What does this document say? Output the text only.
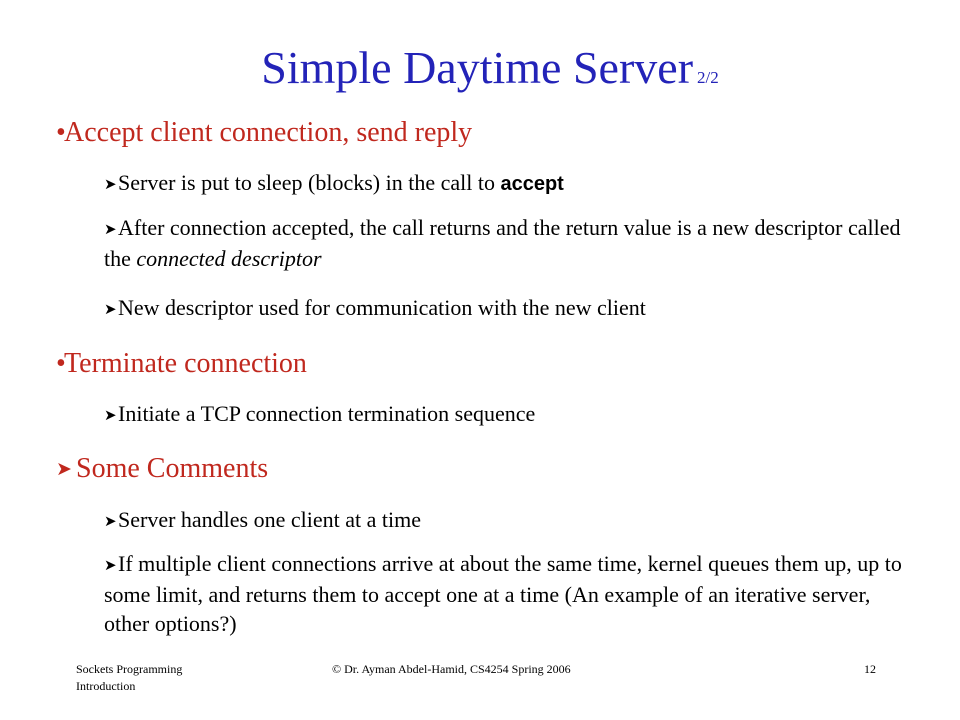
Simple Daytime Server 2/2
•Accept client connection, send reply
➤Server is put to sleep (blocks) in the call to accept
➤After connection accepted, the call returns and the return value is a new descriptor called the connected descriptor
➤New descriptor used for communication with the new client
•Terminate connection
➤Initiate a TCP connection termination sequence
➤ Some Comments
➤Server handles one client at a time
➤If multiple client connections arrive at about the same time, kernel queues them up, up to some limit, and returns them to accept one at a time (An example of an iterative server, other options?)
Sockets Programming Introduction
© Dr. Ayman Abdel-Hamid, CS4254 Spring 2006	12
